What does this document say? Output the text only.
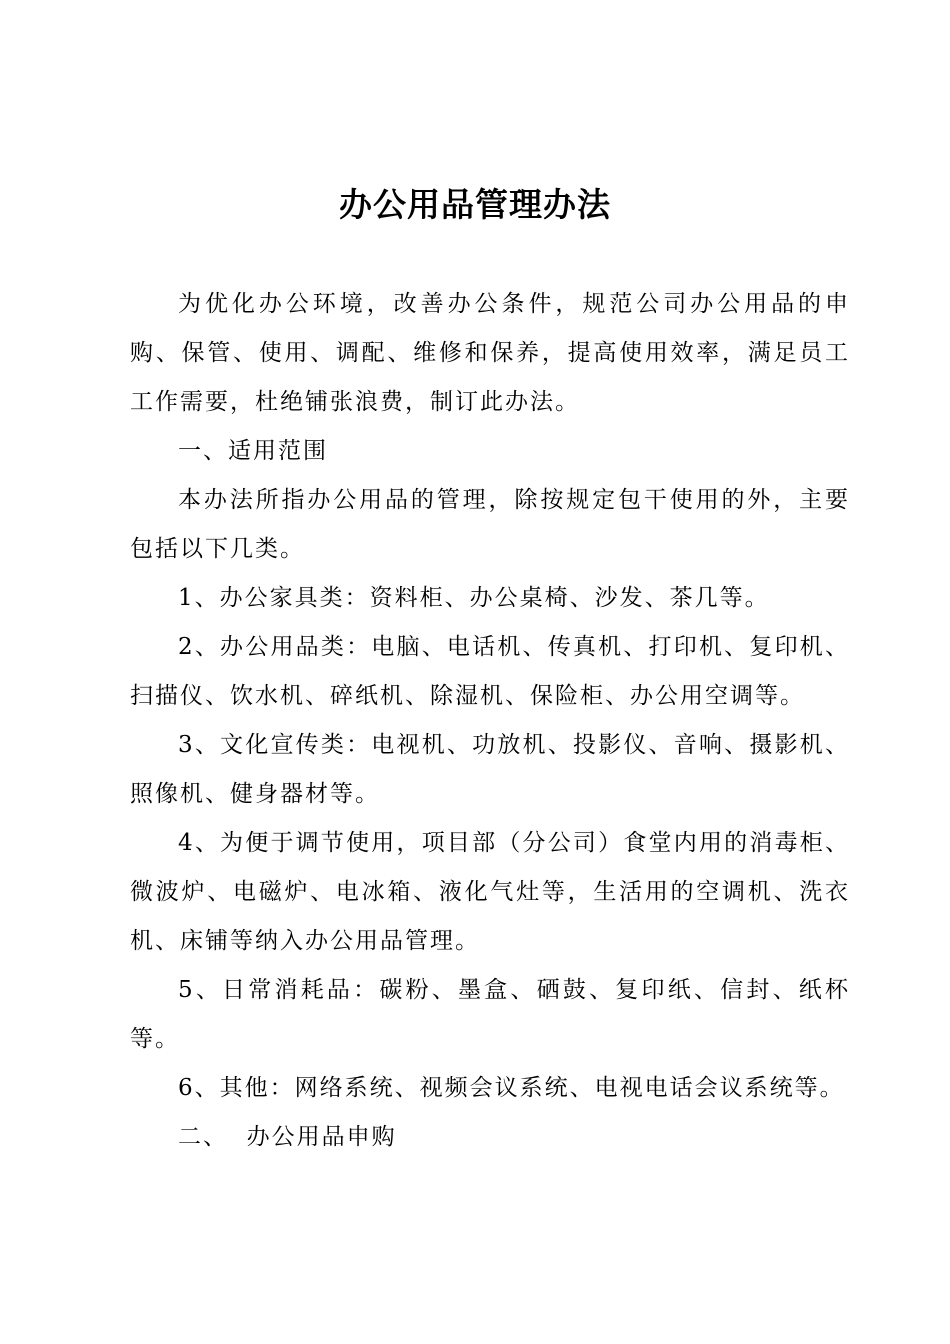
办公用品管理办法

为优化办公环境，改善办公条件，规范公司办公用品的申购、保管、使用、调配、维修和保养，提高使用效率，满足员工工作需要，杜绝铺张浪费，制订此办法。

一、适用范围

本办法所指办公用品的管理，除按规定包干使用的外，主要包括以下几类。

1、办公家具类：资料柜、办公桌椅、沙发、茶几等。

2、办公用品类：电脑、电话机、传真机、打印机、复印机、扫描仪、饮水机、碎纸机、除湿机、保险柜、办公用空调等。

3、文化宣传类：电视机、功放机、投影仪、音响、摄影机、照像机、健身器材等。

4、为便于调节使用，项目部（分公司）食堂内用的消毒柜、微波炉、电磁炉、电冰箱、液化气灶等，生活用的空调机、洗衣机、床铺等纳入办公用品管理。

5、日常消耗品：碳粉、墨盒、硒鼓、复印纸、信封、纸杯等。

6、其他：网络系统、视频会议系统、电视电话会议系统等。

二、  办公用品申购
